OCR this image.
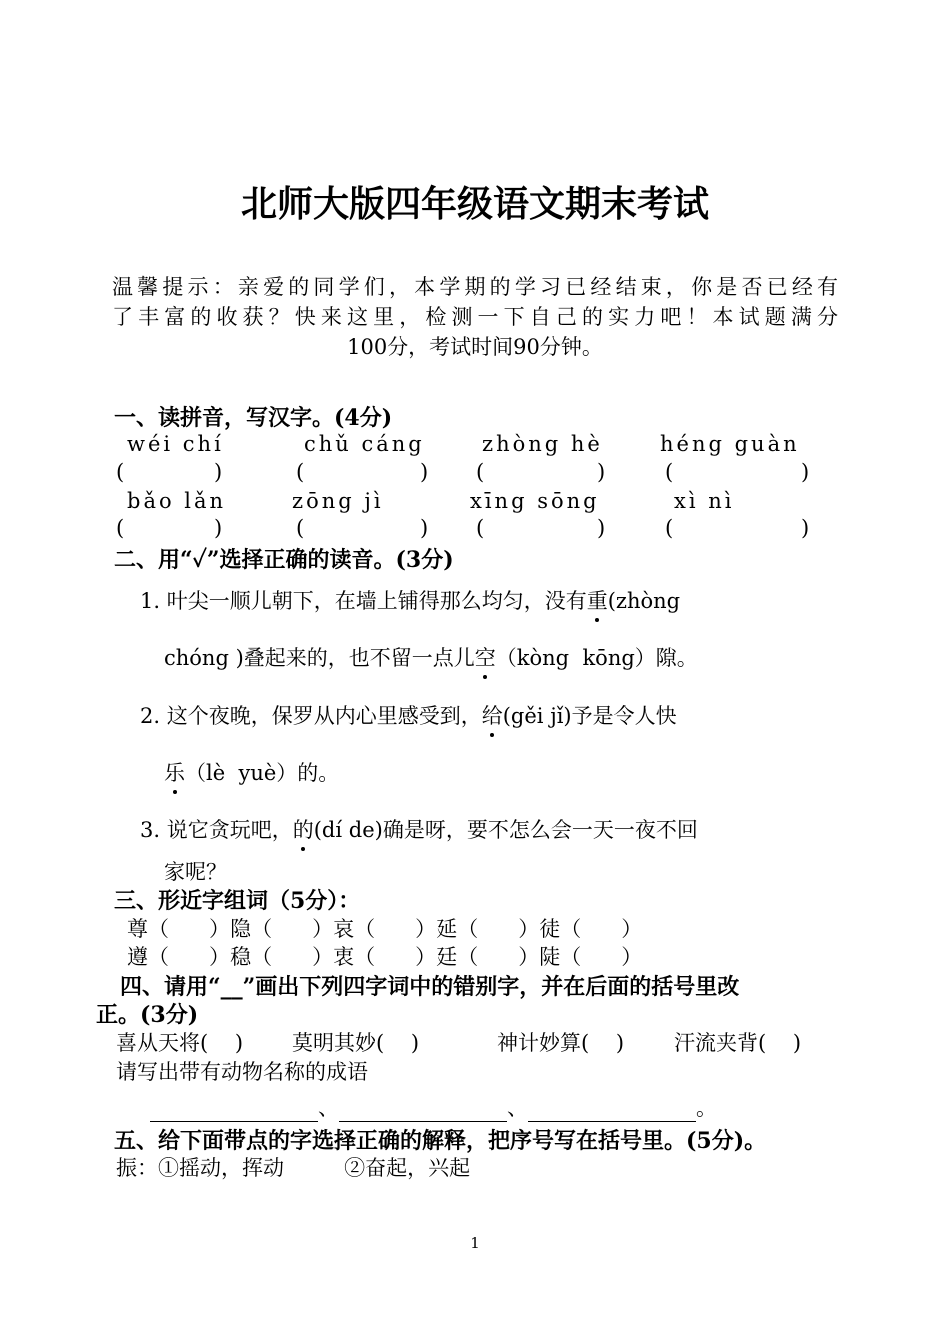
北师大版四年级语文期末考试
温馨提示：亲爱的同学们，本学期的学习已经结束，你是否已经有
了丰富的收获？快来这里，检测一下自己的实力吧！本试题满分
100分，考试时间90分钟。
一、读拼音，写汉字。(4分)
wéi chí	chǔ cáng	zhòng hè	héng guàn
(	)	(	) (	)	(	)
bǎo lǎn	zōng jì	xīng sōng	xì nì
(	)	(	) (	)	(	)
二、用“✓”选择正确的读音。(3分)
1. 叶尖一顺儿朝下，在墙上铺得那么均匀，没有重(zhòng
chóng )叠起来的，也不留一点儿空（kòng  kōng）隙。
2. 这个夜晚，保罗从内心里感受到，给(gěi jǐ)予是令人快
乐（lè  yuè）的。
3. 说它贪玩吧，的(dí de)确是呀，要不怎么会一天一夜不回
家呢？
三、形近字组词（5分）：
尊（      ）隐（      ）哀（      ）延（      ）徒（      ）
遵（      ）稳（      ）衷（      ）廷（      ）陡（      ）
四、请用“__”画出下列四字词中的错别字，并在后面的括号里改
正。(3分)
喜从天将(    ) 莫明其妙(    )	神计妙算(    ) 汗流夹背(    )
请写出带有动物名称的成语
、	、	。
五、给下面带点的字选择正确的解释，把序号写在括号里。(5分)。
振：①摇动，挥动         ②奋起，兴起
1
